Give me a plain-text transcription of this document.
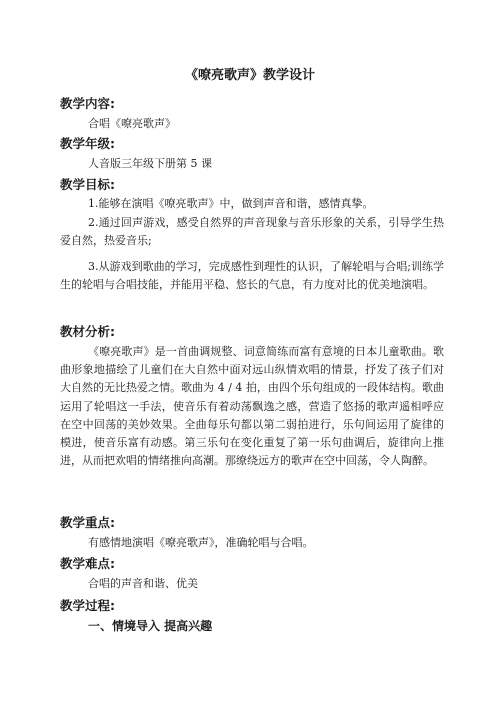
《嘹亮歌声》教学设计
教学内容:
合唱《嘹亮歌声》
教学年级:
人音版三年级下册第 5 课
教学目标:
1.能够在演唱《嘹亮歌声》中，做到声音和谐，感情真挚。
2.通过回声游戏，感受自然界的声音现象与音乐形象的关系，引导学生热爱自然，热爱音乐;
3.从游戏到歌曲的学习，完成感性到理性的认识，了解轮唱与合唱;训练学生的轮唱与合唱技能，并能用平稳、悠长的气息，有力度对比的优美地演唱。
教材分析:
《嘹亮歌声》是一首曲调规整、词意简练而富有意境的日本儿童歌曲。歌曲形象地描绘了儿童们在大自然中面对远山纵情欢唱的情景，抒发了孩子们对大自然的无比热爱之情。歌曲为 4 / 4 拍，由四个乐句组成的一段体结构。歌曲运用了轮唱这一手法，使音乐有着动荡飘逸之感，营造了悠扬的歌声遥相呼应在空中回荡的美妙效果。全曲每乐句都以第二弱拍进行，乐句间运用了旋律的模进，使音乐富有动感。第三乐句在变化重复了第一乐句曲调后，旋律向上推进，从而把欢唱的情绪推向高潮。那缭绕远方的歌声在空中回荡，令人陶醉。
教学重点:
有感情地演唱《嘹亮歌声》，准确轮唱与合唱。
教学难点:
合唱的声音和谐、优美
教学过程:
一、情境导入 提高兴趣
